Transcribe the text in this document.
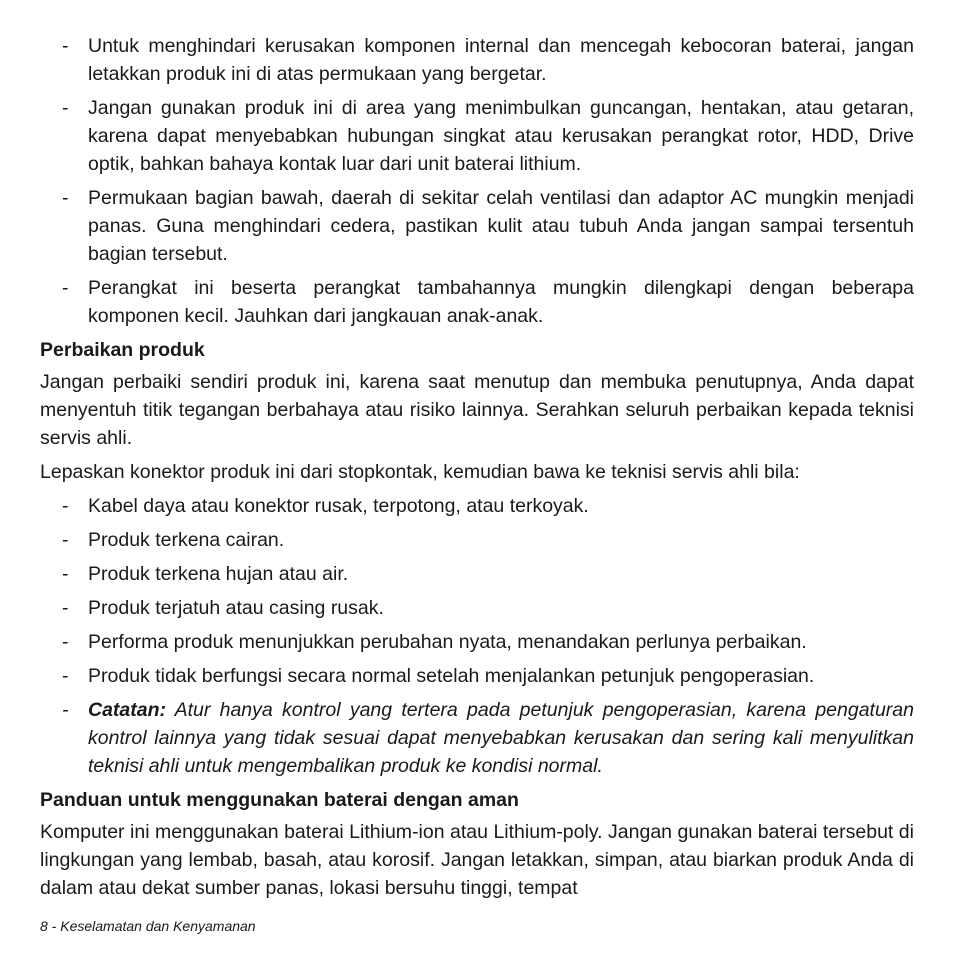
- Untuk menghindari kerusakan komponen internal dan mencegah kebocoran baterai, jangan letakkan produk ini di atas permukaan yang bergetar.
- Jangan gunakan produk ini di area yang menimbulkan guncangan, hentakan, atau getaran, karena dapat menyebabkan hubungan singkat atau kerusakan perangkat rotor, HDD, Drive optik, bahkan bahaya kontak luar dari unit baterai lithium.
- Permukaan bagian bawah, daerah di sekitar celah ventilasi dan adaptor AC mungkin menjadi panas. Guna menghindari cedera, pastikan kulit atau tubuh Anda jangan sampai tersentuh bagian tersebut.
- Perangkat ini beserta perangkat tambahannya mungkin dilengkapi dengan beberapa komponen kecil. Jauhkan dari jangkauan anak-anak.
Perbaikan produk

Jangan perbaiki sendiri produk ini, karena saat menutup dan membuka penutupnya, Anda dapat menyentuh titik tegangan berbahaya atau risiko lainnya. Serahkan seluruh perbaikan kepada teknisi servis ahli.

Lepaskan konektor produk ini dari stopkontak, kemudian bawa ke teknisi servis ahli bila:

- Kabel daya atau konektor rusak, terpotong, atau terkoyak.
- Produk terkena cairan.
- Produk terkena hujan atau air.
- Produk terjatuh atau casing rusak.
- Performa produk menunjukkan perubahan nyata, menandakan perlunya perbaikan.
- Produk tidak berfungsi secara normal setelah menjalankan petunjuk pengoperasian.
- Catatan: Atur hanya kontrol yang tertera pada petunjuk pengoperasian, karena pengaturan kontrol lainnya yang tidak sesuai dapat menyebabkan kerusakan dan sering kali menyulitkan teknisi ahli untuk mengembalikan produk ke kondisi normal.
Panduan untuk menggunakan baterai dengan aman

Komputer ini menggunakan baterai Lithium-ion atau Lithium-poly. Jangan gunakan baterai tersebut di lingkungan yang lembab, basah, atau korosif. Jangan letakkan, simpan, atau biarkan produk Anda di dalam atau dekat sumber panas, lokasi bersuhu tinggi, tempat

8 - Keselamatan dan Kenyamanan
